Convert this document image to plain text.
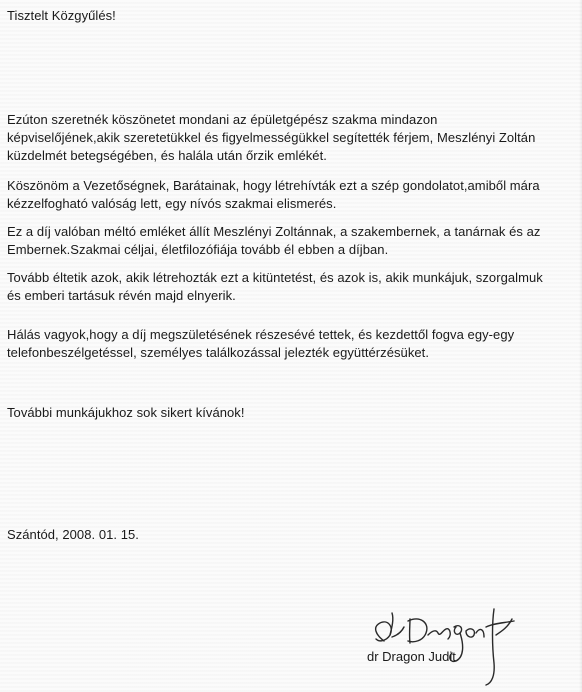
Tisztelt Közgyűlés!
Ezúton szeretnék köszönetet mondani az épületgépész szakma mindazon
képviselőjének,akik szeretetükkel és figyelmességükkel segítették férjem, Meszlényi Zoltán
küzdelmét betegségében, és halála után őrzik emlékét.
Köszönöm a Vezetőségnek, Barátainak, hogy létrehívták ezt a szép gondolatot,amiből mára
kézzelfogható valóság lett, egy nívós szakmai elismerés.
Ez a díj valóban méltó emléket állít Meszlényi Zoltánnak, a szakembernek, a tanárnak és az
Embernek.Szakmai céljai, életfilozófiája tovább él ebben a díjban.
Tovább éltetik azok, akik létrehozták ezt a kitüntetést, és azok is, akik munkájuk, szorgalmuk
és emberi tartásuk révén majd elnyerik.
Hálás vagyok,hogy a díj megszületésének részesévé tettek, és kezdettől fogva egy-egy
telefonbeszélgetéssel, személyes találkozással jelezték együttérzésüket.
További munkájukhoz sok sikert kívánok!
Szántód, 2008. 01. 15.
dr Dragon Judit
